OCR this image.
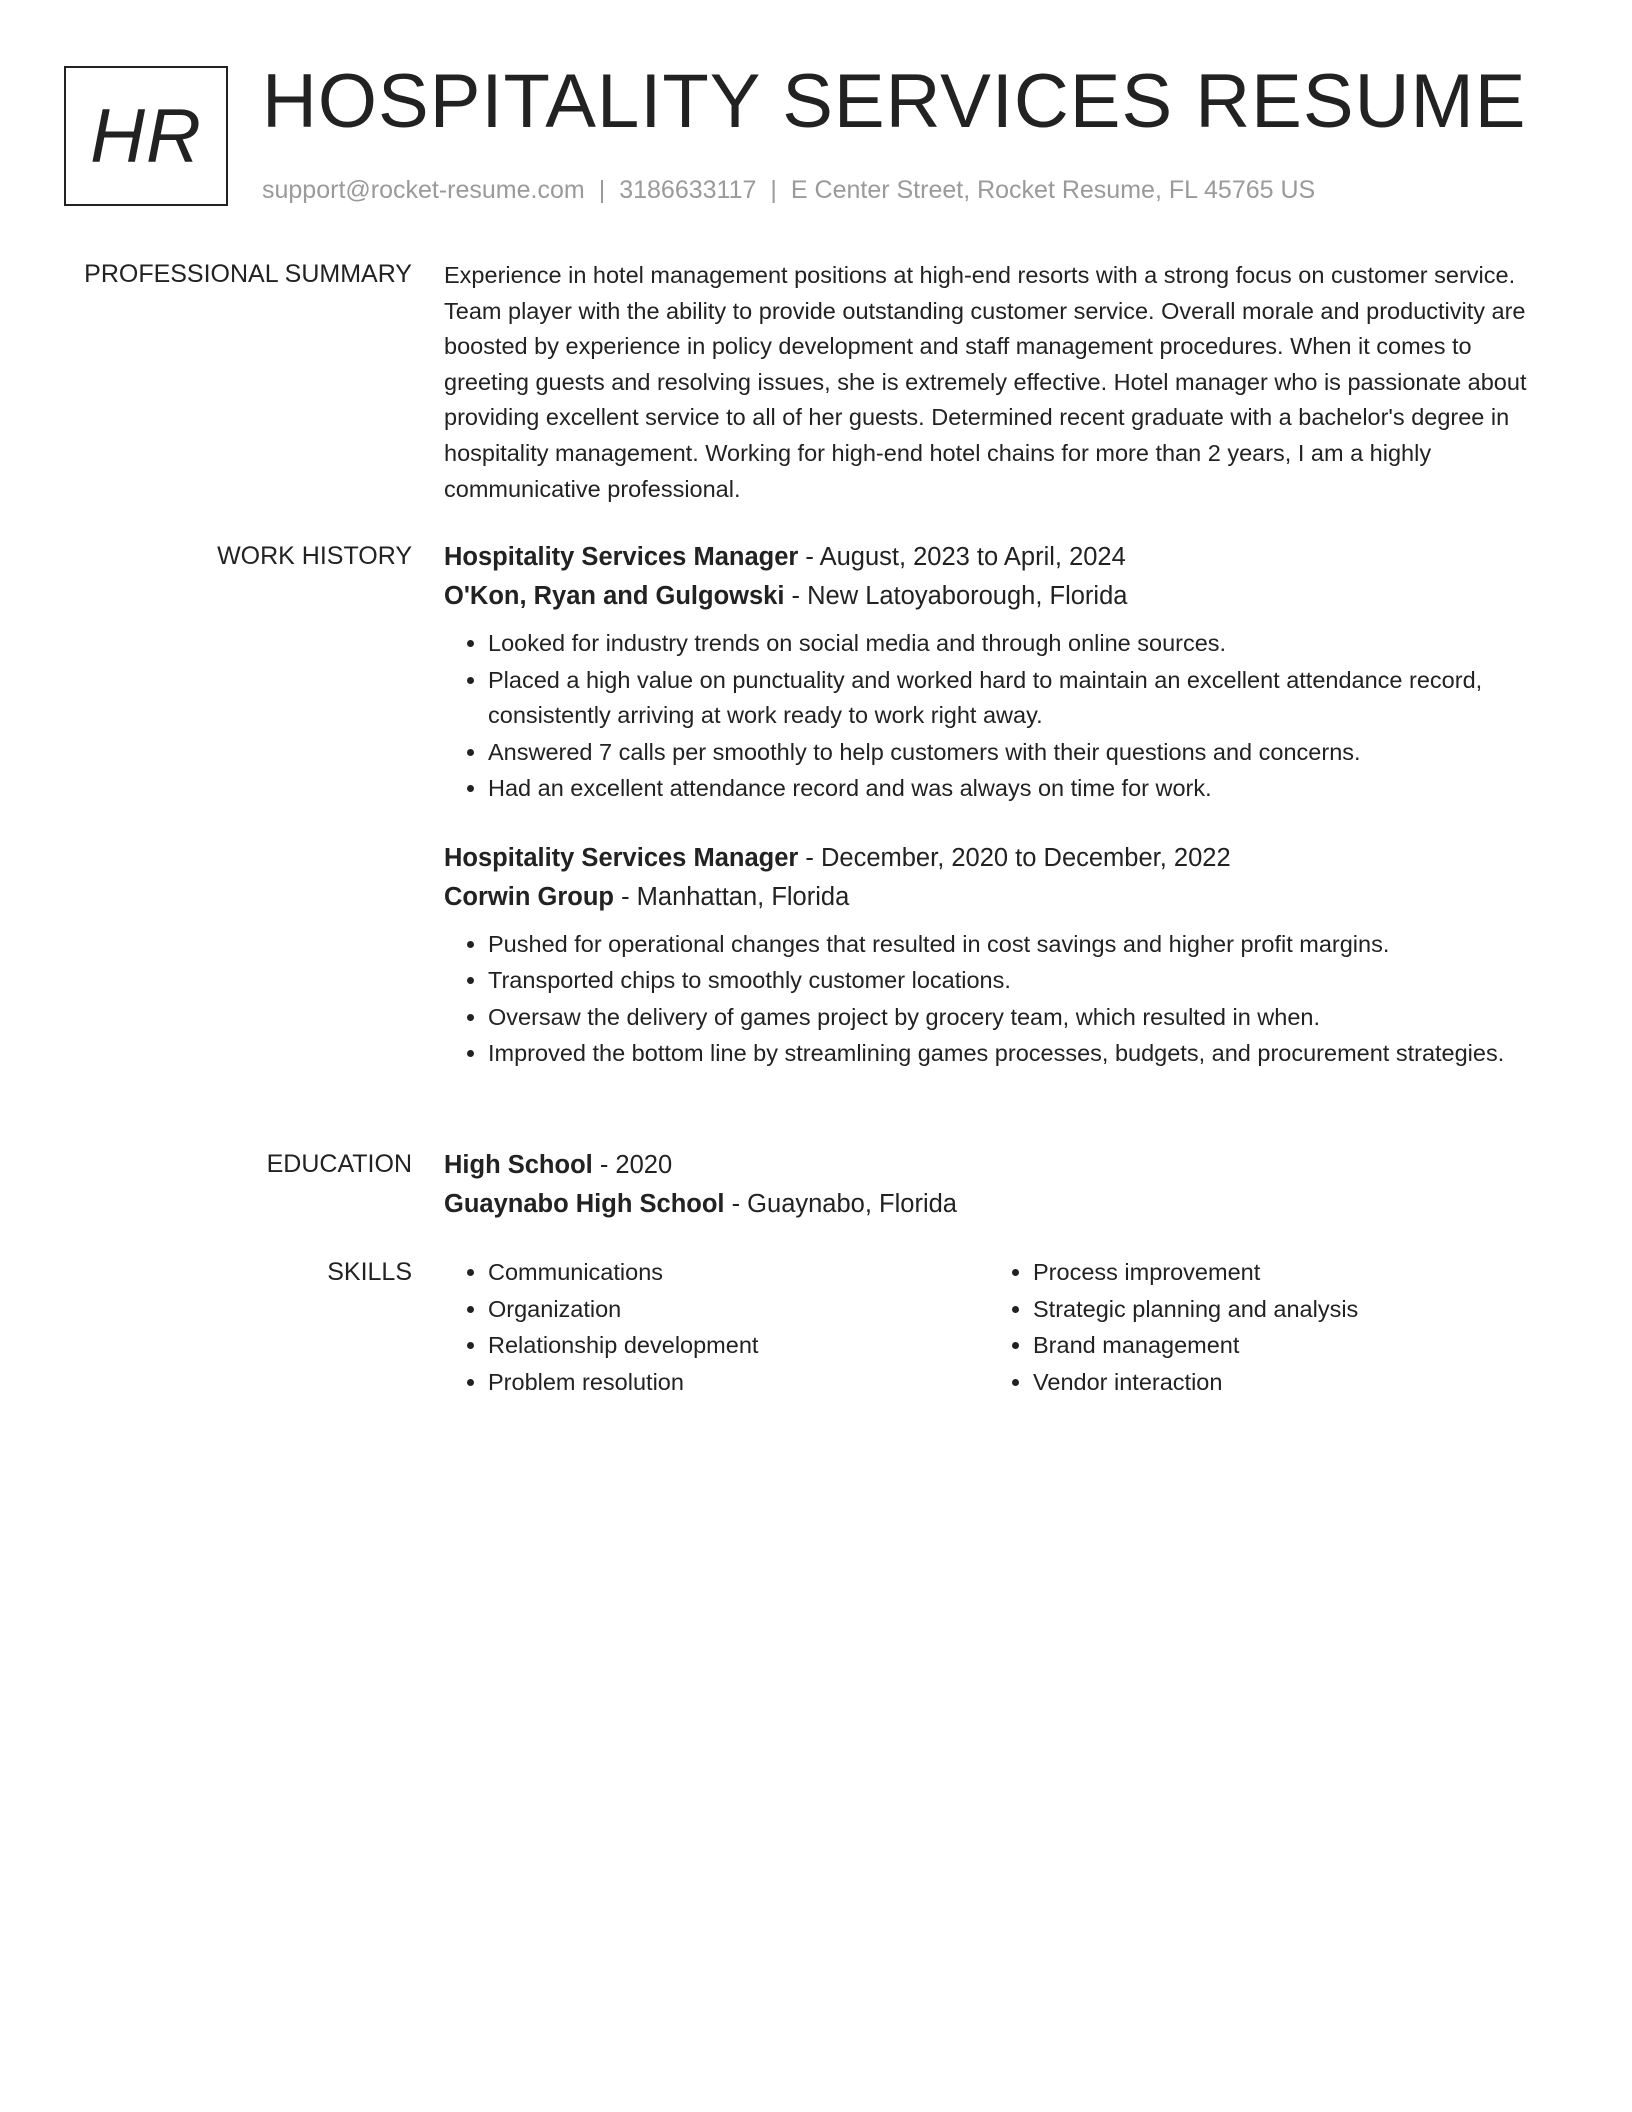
HR HOSPITALITY SERVICES RESUME
support@rocket-resume.com | 3186633117 | E Center Street, Rocket Resume, FL 45765 US
PROFESSIONAL SUMMARY Experience in hotel management positions at high-end resorts with a strong focus on customer service. Team player with the ability to provide outstanding customer service. Overall morale and productivity are boosted by experience in policy development and staff management procedures. When it comes to greeting guests and resolving issues, she is extremely effective. Hotel manager who is passionate about providing excellent service to all of her guests. Determined recent graduate with a bachelor's degree in hospitality management. Working for high-end hotel chains for more than 2 years, I am a highly communicative professional.

WORK HISTORY Hospitality Services Manager - August, 2023 to April, 2024
O'Kon, Ryan and Gulgowski - New Latoyaborough, Florida
• Looked for industry trends on social media and through online sources.
• Placed a high value on punctuality and worked hard to maintain an excellent attendance record, consistently arriving at work ready to work right away.
• Answered 7 calls per smoothly to help customers with their questions and concerns.
• Had an excellent attendance record and was always on time for work.
Hospitality Services Manager - December, 2020 to December, 2022
Corwin Group - Manhattan, Florida
• Pushed for operational changes that resulted in cost savings and higher profit margins.
• Transported chips to smoothly customer locations.
• Oversaw the delivery of games project by grocery team, which resulted in when.
• Improved the bottom line by streamlining games processes, budgets, and procurement strategies.
EDUCATION High School - 2020
Guaynabo High School - Guaynabo, Florida
SKILLS
•	Communications
• Organization
• Relationship development
• Problem resolution
• Process improvement
• Strategic planning and analysis
• Brand management
• Vendor interaction
